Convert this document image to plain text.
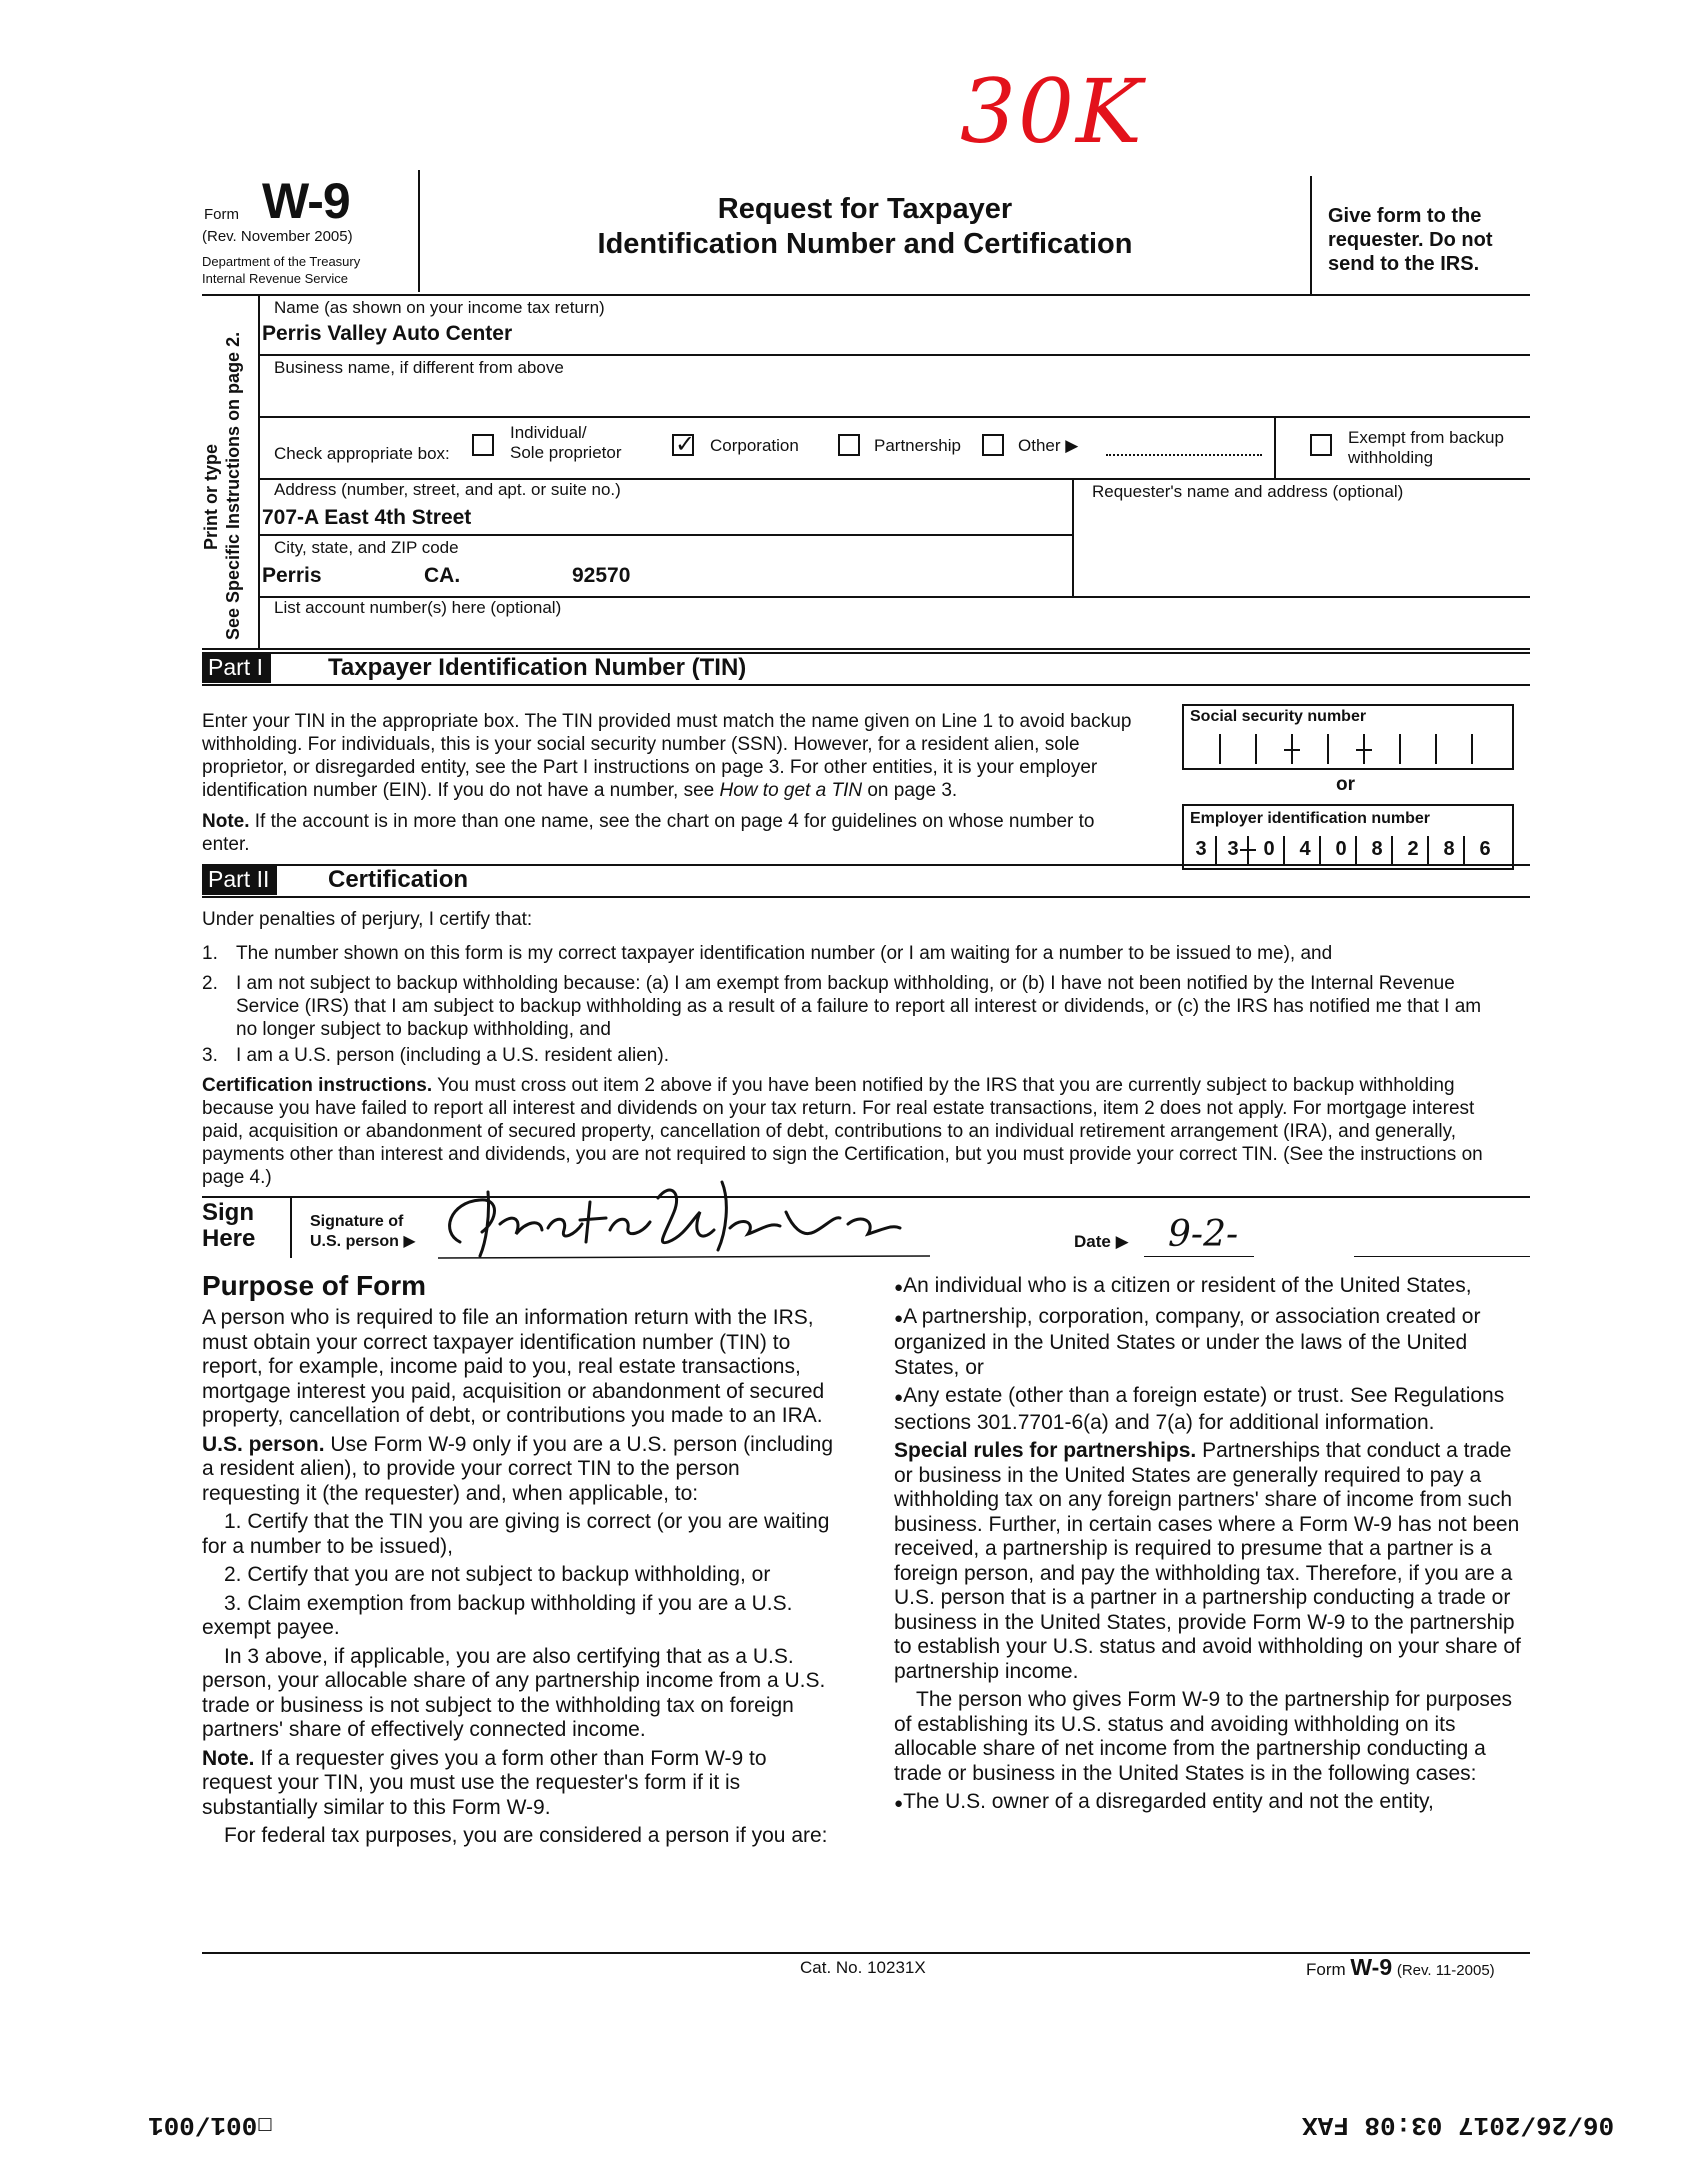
30K
Form W-9
(Rev. November 2005)
Department of the Treasury
Internal Revenue Service
Request for Taxpayer
Identification Number and Certification
Give form to the
requester. Do not
send to the IRS.
Print or type See Specific Instructions on page 2.
Name (as shown on your income tax return)
Perris Valley Auto Center
Business name, if different from above
Check appropriate box:
Individual/
Sole proprietor
✓	Corporation	Partnership	Other ▶	Exempt from backup
withholding
Address (number, street, and apt. or suite no.)
707-A East 4th Street
Requester's name and address (optional)
City, state, and ZIP code
Perris	CA.	92570
List account number(s) here (optional)
Part I	Taxpayer Identification Number (TIN)
Enter your TIN in the appropriate box. The TIN provided must match the name given on Line 1 to avoid backup withholding. For individuals, this is your social security number (SSN). However, for a resident alien, sole proprietor, or disregarded entity, see the Part I instructions on page 3. For other entities, it is your employer identification number (EIN). If you do not have a number, see How to get a TIN on page 3.
Note. If the account is in more than one name, see the chart on page 4 for guidelines on whose number to enter.
Social security number
or
Employer identification number
3	3	0	4	0	8	2	8	6
Part II	Certification
Under penalties of perjury, I certify that:
1. The number shown on this form is my correct taxpayer identification number (or I am waiting for a number to be issued to me), and
2. I am not subject to backup withholding because: (a) I am exempt from backup withholding, or (b) I have not been notified by the Internal Revenue Service (IRS) that I am subject to backup withholding as a result of a failure to report all interest or dividends, or (c) the IRS has notified me that I am no longer subject to backup withholding, and
3. I am a U.S. person (including a U.S. resident alien).
Certification instructions. You must cross out item 2 above if you have been notified by the IRS that you are currently subject to backup withholding because you have failed to report all interest and dividends on your tax return. For real estate transactions, item 2 does not apply. For mortgage interest paid, acquisition or abandonment of secured property, cancellation of debt, contributions to an individual retirement arrangement (IRA), and generally, payments other than interest and dividends, you are not required to sign the Certification, but you must provide your correct TIN. (See the instructions on page 4.)
Sign
Here
Signature of
U.S. person ▶	Date ▶ 9-2-
Purpose of Form

A person who is required to file an information return with the IRS, must obtain your correct taxpayer identification number (TIN) to report, for example, income paid to you, real estate transactions, mortgage interest you paid, acquisition or abandonment of secured property, cancellation of debt, or contributions you made to an IRA.

U.S. person. Use Form W-9 only if you are a U.S. person (including a resident alien), to provide your correct TIN to the person requesting it (the requester) and, when applicable, to:

1. Certify that the TIN you are giving is correct (or you are waiting for a number to be issued),

2. Certify that you are not subject to backup withholding, or

3. Claim exemption from backup withholding if you are a U.S. exempt payee.

In 3 above, if applicable, you are also certifying that as a U.S. person, your allocable share of any partnership income from a U.S. trade or business is not subject to the withholding tax on foreign partners' share of effectively connected income.

Note. If a requester gives you a form other than Form W-9 to request your TIN, you must use the requester's form if it is substantially similar to this Form W-9.

For federal tax purposes, you are considered a person if you are:

● An individual who is a citizen or resident of the United States,

● A partnership, corporation, company, or association created or organized in the United States or under the laws of the United States, or

● Any estate (other than a foreign estate) or trust. See Regulations sections 301.7701-6(a) and 7(a) for additional information.

Special rules for partnerships. Partnerships that conduct a trade or business in the United States are generally required to pay a withholding tax on any foreign partners' share of income from such business. Further, in certain cases where a Form W-9 has not been received, a partnership is required to presume that a partner is a foreign person, and pay the withholding tax. Therefore, if you are a U.S. person that is a partner in a partnership conducting a trade or business in the United States, provide Form W-9 to the partnership to establish your U.S. status and avoid withholding on your share of partnership income.

The person who gives Form W-9 to the partnership for purposes of establishing its U.S. status and avoiding withholding on its allocable share of net income from the partnership conducting a trade or business in the United States is in the following cases:

● The U.S. owner of a disregarded entity and not the entity,

Cat. No. 10231X	Form W-9 (Rev. 11-2005)
☐001/001	06/26/2017 03:08 FAX
